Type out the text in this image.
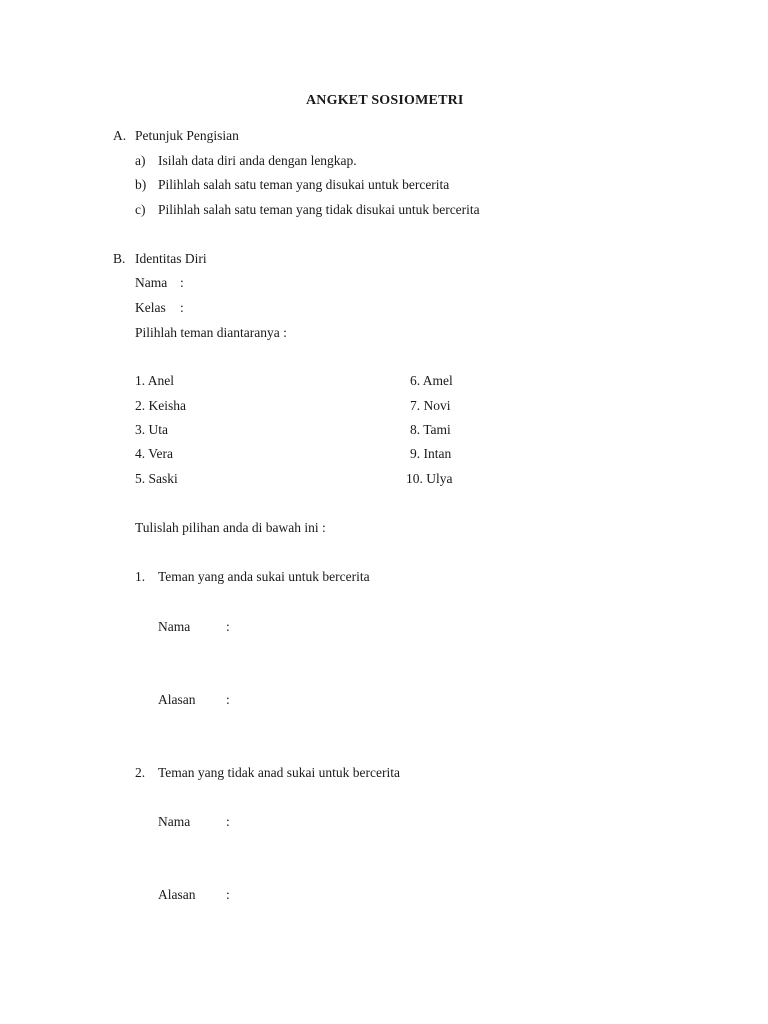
ANGKET SOSIOMETRI
A. Petunjuk Pengisian
a) Isilah data diri anda dengan lengkap.
b) Pilihlah salah satu teman yang disukai untuk bercerita
c) Pilihlah salah satu teman yang tidak disukai untuk bercerita
B. Identitas Diri
Nama :
Kelas :
Pilihlah teman diantaranya :
1. Anel
2. Keisha
3. Uta
4. Vera
5. Saski
6. Amel
7. Novi
8. Tami
9. Intan
10. Ulya
Tulislah pilihan anda di bawah ini :
1. Teman yang anda sukai untuk bercerita
Nama	:
Alasan :
2. Teman yang tidak anad sukai untuk bercerita
Nama	:
Alasan :
